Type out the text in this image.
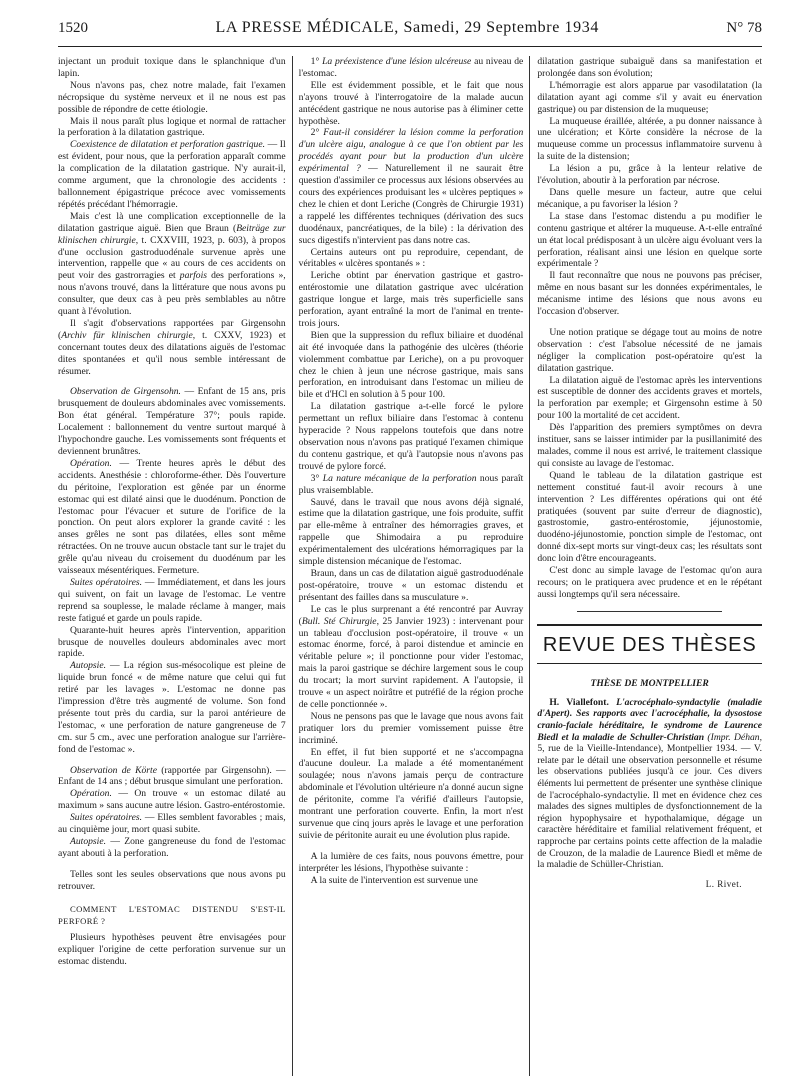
1520	LA PRESSE MÉDICALE, Samedi, 29 Septembre 1934	N° 78

injectant un produit toxique dans le splanchnique d'un lapin.

Nous n'avons pas, chez notre malade, fait l'examen nécropsique du système nerveux et il ne nous est pas possible de répondre de cette étiologie.

Mais il nous paraît plus logique et normal de rattacher la perforation à la dilatation gastrique.

Coexistence de dilatation et perforation gastrique. — Il est évident, pour nous, que la perforation apparaît comme la complication de la dilatation gastrique. N'y aurait-il, comme argument, que la chronologie des accidents : ballonnement épigastrique précoce avec vomissements répétés précédant l'hémorragie.

Mais c'est là une complication exceptionnelle de la dilatation gastrique aiguë. Bien que Braun (Beiträge zur klinischen chirurgie, t. CXXVIII, 1923, p. 603), à propos d'une occlusion gastroduodénale survenue après une intervention, rappelle que « au cours de ces accidents on peut voir des gastrorragies et parfois des perforations », nous n'avons trouvé, dans la littérature que nous avons pu consulter, que deux cas à peu près semblables au nôtre quant à l'évolution.

Il s'agit d'observations rapportées par Girgensohn (Archiv für klinischen chirurgie, t. CXXV, 1923) et concernant toutes deux des dilatations aiguës de l'estomac dites spontanées et qu'il nous semble intéressant de résumer.

Observation de Girgensohn. — Enfant de 15 ans, pris brusquement de douleurs abdominales avec vomissements. Bon état général. Température 37°; pouls rapide. Localement : ballonnement du ventre surtout marqué à l'hypochondre gauche. Les vomissements sont fréquents et deviennent brunâtres.

Opération. — Trente heures après le début des accidents. Anesthésie : chloroforme-éther. Dès l'ouverture du péritoine, l'exploration est gênée par un énorme estomac qui est dilaté ainsi que le duodénum. Ponction de l'estomac pour l'évacuer et suture de l'orifice de la ponction. On peut alors explorer la grande cavité : les anses grêles ne sont pas dilatées, elles sont même rétractées. On ne trouve aucun obstacle tant sur le trajet du grêle qu'au niveau du croisement du duodénum par les vaisseaux mésentériques. Fermeture.

Suites opératoires. — Immédiatement, et dans les jours qui suivent, on fait un lavage de l'estomac. Le ventre reprend sa souplesse, le malade réclame à manger, mais reste fatigué et garde un pouls rapide.

Quarante-huit heures après l'intervention, apparition brusque de nouvelles douleurs abdominales avec mort rapide.

Autopsie. — La région sus-mésocolique est pleine de liquide brun foncé « de même nature que celui qui fut retiré par les lavages ». L'estomac ne donne pas l'impression d'être très augmenté de volume. Son fond présente tout près du cardia, sur la paroi antérieure de l'estomac, « une perforation de nature gangreneuse de 7 cm. sur 5 cm., avec une perforation analogue sur l'arrière-fond de l'estomac ».

Observation de Körte (rapportée par Girgensohn). — Enfant de 14 ans ; début brusque simulant une perforation.

Opération. — On trouve « un estomac dilaté au maximum » sans aucune autre lésion. Gastro-entérostomie.

Suites opératoires. — Elles semblent favorables ; mais, au cinquième jour, mort quasi subite.

Autopsie. — Zone gangreneuse du fond de l'estomac ayant abouti à la perforation.

Telles sont les seules observations que nous avons pu retrouver.

COMMENT L'ESTOMAC DISTENDU S'EST-IL PERFORÉ ?

Plusieurs hypothèses peuvent être envisagées pour expliquer l'origine de cette perforation survenue sur un estomac distendu.

1° La préexistence d'une lésion ulcéreuse au niveau de l'estomac.

Elle est évidemment possible, et le fait que nous n'ayons trouvé à l'interrogatoire de la malade aucun antécédent gastrique ne nous autorise pas à éliminer cette hypothèse.

2° Faut-il considérer la lésion comme la perforation d'un ulcère aigu, analogue à ce que l'on obtient par les procédés ayant pour but la production d'un ulcère expérimental ? — Naturellement il ne saurait être question d'assimiler ce processus aux lésions observées au cours des expériences produisant les « ulcères peptiques » chez le chien et dont Leriche (Congrès de Chirurgie 1931) a rappelé les différentes techniques (dérivation des sucs duodénaux, pancréatiques, de la bile) : la dérivation des sucs digestifs n'intervient pas dans notre cas.

Certains auteurs ont pu reproduire, cependant, de véritables « ulcères spontanés » :

Leriche obtint par énervation gastrique et gastro-entérostomie une dilatation gastrique avec ulcération gastrique longue et large, mais très superficielle sans perforation, ayant entraîné la mort de l'animal en trente-trois jours.

Bien que la suppression du reflux biliaire et duodénal ait été invoquée dans la pathogénie des ulcères (théorie violemment combattue par Leriche), on a pu provoquer chez le chien à jeun une nécrose gastrique, mais sans perforation, en introduisant dans l'estomac un milieu de bile et d'HCl en solution à 5 pour 100.

La dilatation gastrique a-t-elle forcé le pylore permettant un reflux biliaire dans l'estomac à contenu hyperacide ? Nous rappelons toutefois que dans notre observation nous n'avons pas pratiqué l'examen chimique du contenu gastrique, et qu'à l'autopsie nous n'avons pas trouvé de pylore forcé.

3° La nature mécanique de la perforation nous paraît plus vraisemblable.

Sauvé, dans le travail que nous avons déjà signalé, estime que la dilatation gastrique, une fois produite, suffit par elle-même à entraîner des hémorragies graves, et rappelle que Shimodaira a pu reproduire expérimentalement des ulcérations hémorragiques par la simple distension mécanique de l'estomac.

Braun, dans un cas de dilatation aiguë gastroduodénale post-opératoire, trouve « un estomac distendu et présentant des failles dans sa musculature ».

Le cas le plus surprenant a été rencontré par Auvray (Bull. Sté Chirurgie, 25 Janvier 1923) : intervenant pour un tableau d'occlusion post-opératoire, il trouve « un estomac énorme, forcé, à paroi distendue et amincie en véritable pelure »; il ponctionne pour vider l'estomac, mais la paroi gastrique se déchire largement sous le coup du trocart; la mort survint rapidement. A l'autopsie, il trouve « un aspect noirâtre et putréfié de la région proche de celle ponctionnée ».

Nous ne pensons pas que le lavage que nous avons fait pratiquer lors du premier vomissement puisse être incriminé.

En effet, il fut bien supporté et ne s'accompagna d'aucune douleur. La malade a été momentanément soulagée; nous n'avons jamais perçu de contracture abdominale et l'évolution ultérieure n'a donné aucun signe de péritonite, comme l'a vérifié d'ailleurs l'autopsie, montrant une perforation couverte. Enfin, la mort n'est survenue que cinq jours après le lavage et une perforation suivie de péritonite aurait eu une évolution plus rapide.

A la lumière de ces faits, nous pouvons émettre, pour interpréter les lésions, l'hypothèse suivante :

A la suite de l'intervention est survenue une

dilatation gastrique subaiguë dans sa manifestation et prolongée dans son évolution;

L'hémorragie est alors apparue par vasodilatation (la dilatation ayant agi comme s'il y avait eu énervation gastrique) ou par distension de la muqueuse;

La muqueuse éraillée, altérée, a pu donner naissance à une ulcération; et Körte considère la nécrose de la muqueuse comme un processus inflammatoire survenu à la suite de la distension;

La lésion a pu, grâce à la lenteur relative de l'évolution, aboutir à la perforation par nécrose.

Dans quelle mesure un facteur, autre que celui mécanique, a pu favoriser la lésion ?

La stase dans l'estomac distendu a pu modifier le contenu gastrique et altérer la muqueuse. A-t-elle entraîné un état local prédisposant à un ulcère aigu évoluant vers la perforation, réalisant ainsi une lésion en quelque sorte expérimentale ?

Il faut reconnaître que nous ne pouvons pas préciser, même en nous basant sur les données expérimentales, le mécanisme intime des lésions que nous avons eu l'occasion d'observer.

Une notion pratique se dégage tout au moins de notre observation : c'est l'absolue nécessité de ne jamais négliger la complication post-opératoire qu'est la dilatation gastrique.

La dilatation aiguë de l'estomac après les interventions est susceptible de donner des accidents graves et mortels, la perforation par exemple; et Girgensohn estime à 50 pour 100 la mortalité de cet accident.

Dès l'apparition des premiers symptômes on devra instituer, sans se laisser intimider par la pusillanimité des malades, comme il nous est arrivé, le traitement classique qui consiste au lavage de l'estomac.

Quand le tableau de la dilatation gastrique est nettement constitué faut-il avoir recours à une intervention ? Les différentes opérations qui ont été pratiquées (souvent par suite d'erreur de diagnostic), gastrostomie, gastro-entérostomie, jéjunostomie, duodéno-jéjunostomie, ponction simple de l'estomac, ont donné dix-sept morts sur vingt-deux cas; les résultats sont donc loin d'être encourageants.

C'est donc au simple lavage de l'estomac qu'on aura recours; on le pratiquera avec prudence et en le répétant aussi longtemps qu'il sera nécessaire.

REVUE DES THÈSES
THÈSE DE MONTPELLIER

H. Viallefont. L'acrocéphalo-syndactylie (maladie d'Apert). Ses rapports avec l'acrocéphalie, la dysostose cranio-faciale héréditaire, le syndrome de Laurence Biedl et la maladie de Schuller-Christian (Impr. Déhan, 5, rue de la Vieille-Intendance), Montpellier 1934. — V. relate par le détail une observation personnelle et résume les observations publiées jusqu'à ce jour. Ces divers éléments lui permettent de présenter une synthèse clinique de l'acrocéphalo-syndactylie. Il met en évidence chez ces malades des signes multiples de dysfonctionnement de la région hypophysaire et hypothalamique, dégage un caractère héréditaire et familial relativement fréquent, et rapproche par certains points cette affection de la maladie de Crouzon, de la maladie de Laurence Biedl et même de la maladie de Schüller-Christian.

L. Rivet.
